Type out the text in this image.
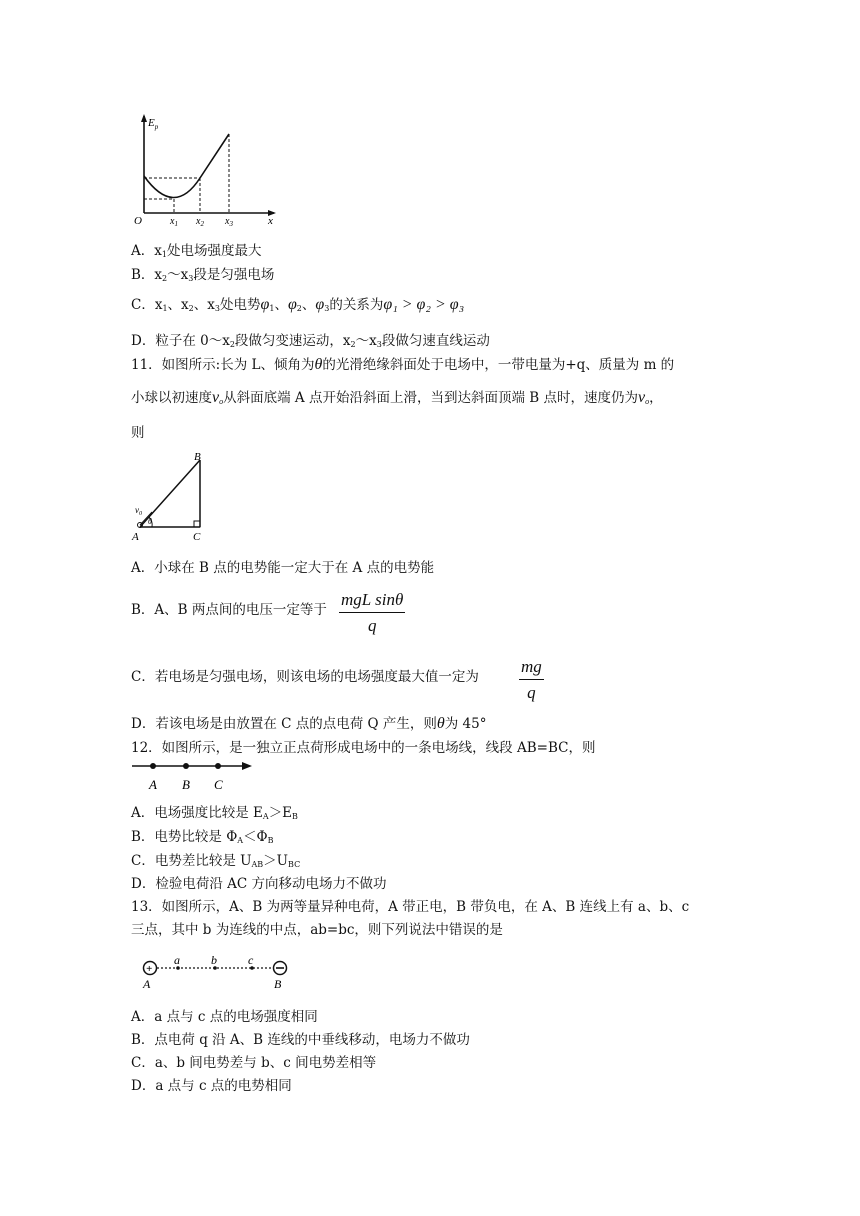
$E_p$
O	x
$x_1$ $x_2$ $x_3$
A．$x_1$处电场强度最大
B．$x_2\sim x_3$段是匀强电场
C．$x_1$、$x_2$、$x_3$处电势$\varphi_1$、$\varphi_2$、$\varphi_3$的关系为φ₁ > φ₂ > φ₃
D．粒子在 $0\sim x_2$段做匀变速运动，$x_2\sim x_3$段做匀速直线运动
11．如图所示:长为 L、倾角为θ的光滑绝缘斜面处于电场中，一带电量为+q、质量为 m 的
小球以初速度$v_o$从斜面底端 A 点开始沿斜面上滑，当到达斜面顶端 B 点时，速度仍为$v_o$，
则
B
A	C
$v_0$
θ
A．小球在 B 点的电势能一定大于在 A 点的电势能
B．A、B 两点间的电压一定等于
mgL sinθ
q
C．若电场是匀强电场，则该电场的电场强度最大值一定为 $\frac{mg}{q}$
D．若该电场是由放置在 C 点的点电荷 Q 产生，则θ为 45°
12．如图所示，是一独立正点荷形成电场中的一条电场线，线段 AB=BC，则
A B C
A．电场强度比较是 $E_A>E_B$
B．电势比较是 $\Phi_A<\Phi_B$
C．电势差比较是 $U_{AB}>U_{BC}$
D．检验电荷沿 AC 方向移动电场力不做功
13．如图所示，A、B 为两等量异种电荷，A 带正电，B 带负电，在 A、B 连线上有 a、b、c
三点，其中 b 为连线的中点，ab=bc，则下列说法中错误的是
+
a	b	c
A	B
A．a 点与 c 点的电场强度相同
B．点电荷 q 沿 A、B 连线的中垂线移动，电场力不做功
C．a、b 间电势差与 b、c 间电势差相等
D．a 点与 c 点的电势相同
